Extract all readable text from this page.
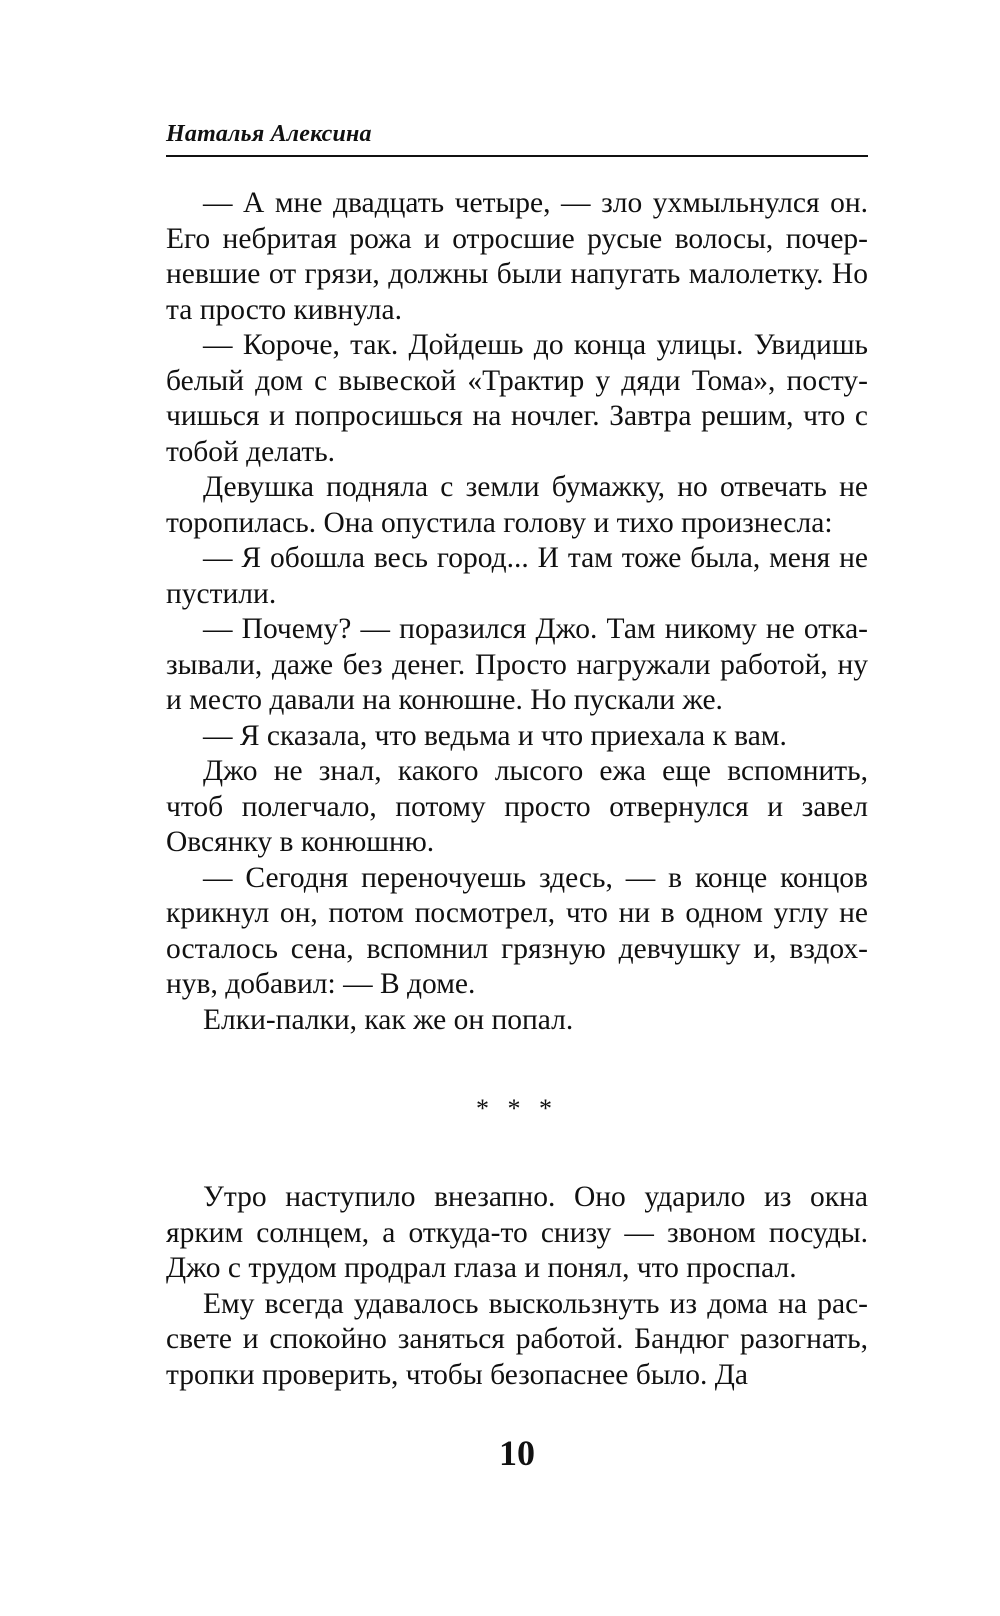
Наталья Алексина

— А мне двадцать четыре, — зло ухмыльнулся он. Его небритая рожа и отросшие русые волосы, почерневшие от грязи, должны были напугать малолетку. Но та просто кивнула.

— Короче, так. Дойдешь до конца улицы. Увидишь белый дом с вывеской «Трактир у дяди Тома», постучишься и попросишься на ночлег. Завтра решим, что с тобой делать.

Девушка подняла с земли бумажку, но отвечать не торопилась. Она опустила голову и тихо произнесла:

— Я обошла весь город... И там тоже была, меня не пустили.

— Почему? — поразился Джо. Там никому не отказывали, даже без денег. Просто нагружали работой, ну и место давали на конюшне. Но пускали же.

— Я сказала, что ведьма и что приехала к вам.

Джо не знал, какого лысого ежа еще вспомнить, чтоб полегчало, потому просто отвернулся и завел Овсянку в конюшню.

— Сегодня переночуешь здесь, — в конце концов крикнул он, потом посмотрел, что ни в одном углу не осталось сена, вспомнил грязную девчушку и, вздохнув, добавил: — В доме.

Елки-палки, как же он попал.

* * *

Утро наступило внезапно. Оно ударило из окна ярким солнцем, а откуда-то снизу — звоном посуды. Джо с трудом продрал глаза и понял, что проспал.

Ему всегда удавалось выскользнуть из дома на рассвете и спокойно заняться работой. Бандюг разогнать, тропки проверить, чтобы безопаснее было. Да

10
